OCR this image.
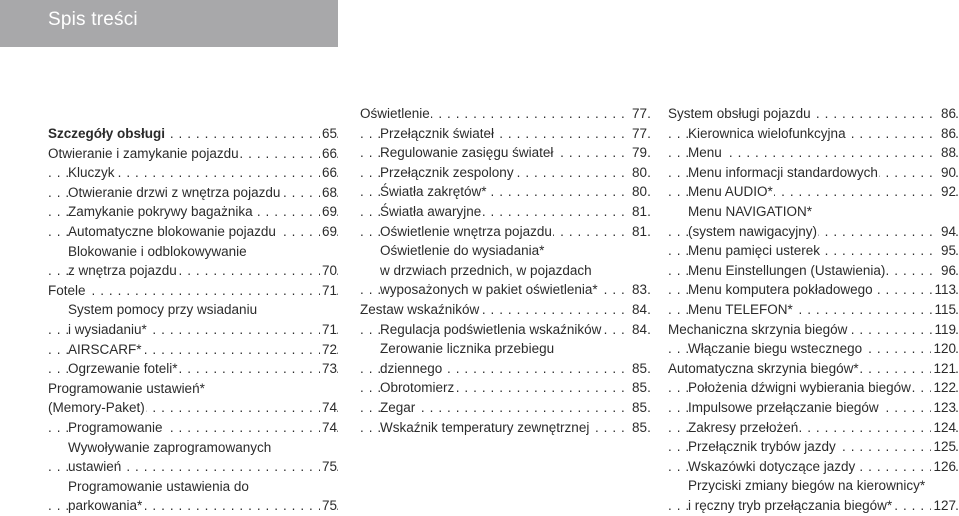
Spis treści
Szczegóły obsługi	65
. . .
Otwieranie i zamykanie pojazdu	66
. . .
Kluczyk	66
. . .
Otwieranie drzwi z wnętrza pojazdu	68
. . .
Zamykanie pokrywy bagażnika	69
. . .
Automatyczne blokowanie pojazdu	69
. . .
Blokowanie i odblokowywanie
z wnętrza pojazdu	70
. . .
Fotele	71
. . .
System pomocy przy wsiadaniu
i wysiadaniu*	71
. . .
AIRSCARF*	72
. . .
Ogrzewanie foteli*	73
. . .
Programowanie ustawień*
(Memory-Paket)	74
. . .
Programowanie	74
. . .
Wywoływanie zaprogramowanych
ustawień	75
. . .
Programowanie ustawienia do
parkowania*	75
. . .
Oświetlenie	77
. . .
Przełącznik świateł	77
. . .
Regulowanie zasięgu świateł	79
. . .
Przełącznik zespolony	80
. . .
Światła zakrętów*	80
. . .
Światła awaryjne	81
. . .
Oświetlenie wnętrza pojazdu	81
. . .
Oświetlenie do wysiadania*
w drzwiach przednich, w pojazdach
wyposażonych w pakiet oświetlenia*	83
. . .
Zestaw wskaźników	84
. . .
Regulacja podświetlenia wskaźników 84
. . .
Zerowanie licznika przebiegu
dziennego	85
. . .
Obrotomierz	85
. . .
Zegar	85
. . .
Wskaźnik temperatury zewnętrznej	85
. . .
System obsługi pojazdu	86
. . .
Kierownica wielofunkcyjna	86
. . .
Menu	88
. . .
Menu informacji standardowych	90
. . .
Menu AUDIO*	92
. . .
Menu NAVIGATION*
(system nawigacyjny)	94
. . .
Menu pamięci usterek	95
. . .
Menu Einstellungen (Ustawienia)	96
. . .
Menu komputera pokładowego	113
. . .
Menu TELEFON*	115
. . .
Mechaniczna skrzynia biegów	119
. . .
Włączanie biegu wstecznego	120
. . .
Automatyczna skrzynia biegów*	121
. . .
Położenia dźwigni wybierania biegów 122
. . .
Impulsowe przełączanie biegów	123
. . .
Zakresy przełożeń	124
. . .
Przełącznik trybów jazdy	125
. . .
Wskazówki dotyczące jazdy	126
. . .
Przyciski zmiany biegów na kierownicy*
i ręczny tryb przełączania biegów*	127
. . .
